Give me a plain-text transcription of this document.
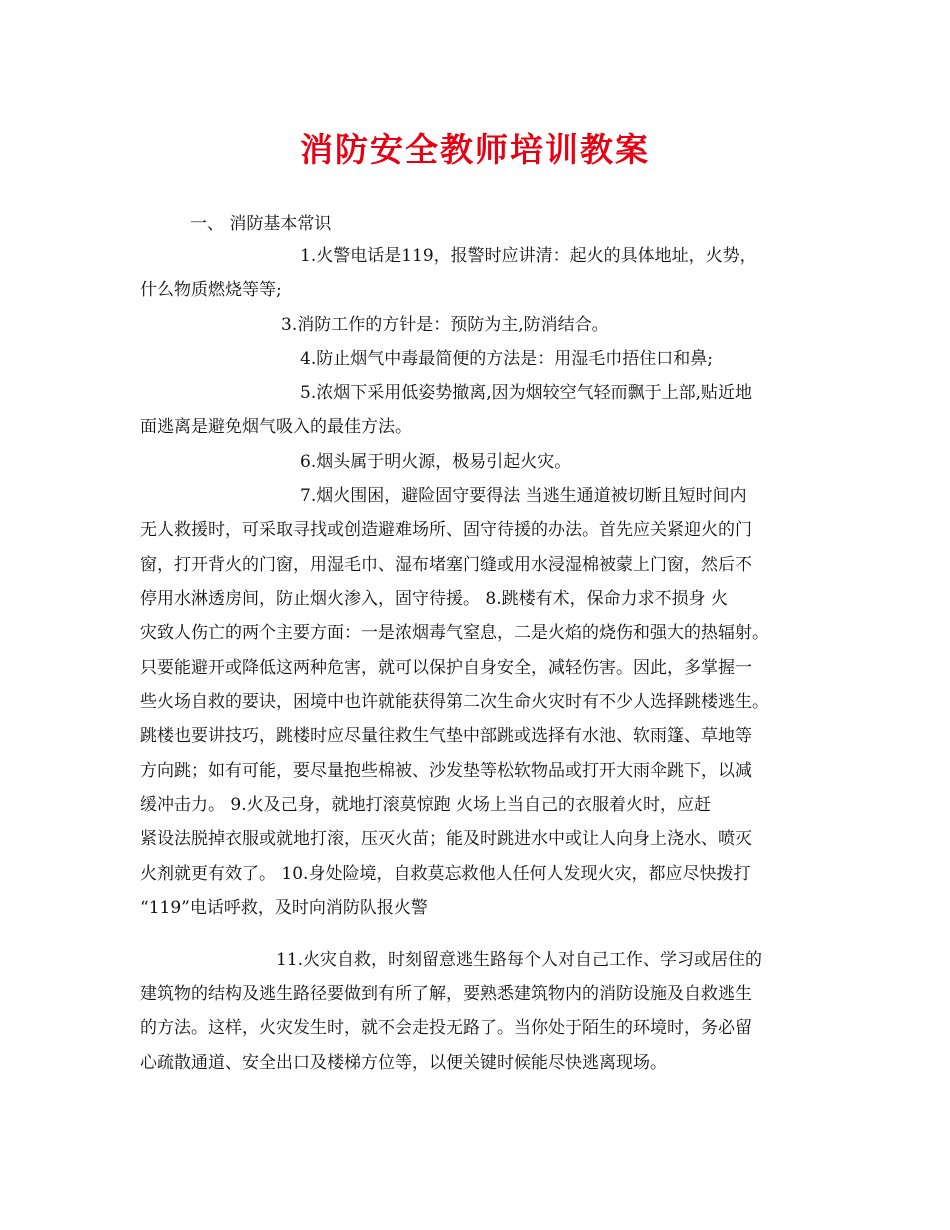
消防安全教师培训教案
一、 消防基本常识
1.火警电话是119，报警时应讲清：起火的具体地址，火势，
什么物质燃烧等等;
3.消防工作的方针是：预防为主,防消结合。
4.防止烟气中毒最简便的方法是：用湿毛巾捂住口和鼻;
5.浓烟下采用低姿势撤离,因为烟较空气轻而飘于上部,贴近地
面逃离是避免烟气吸入的最佳方法。
6.烟头属于明火源，极易引起火灾。
7.烟火围困，避险固守要得法 当逃生通道被切断且短时间内
无人救援时，可采取寻找或创造避难场所、固守待援的办法。首先应关紧迎火的门
窗，打开背火的门窗，用湿毛巾、湿布堵塞门缝或用水浸湿棉被蒙上门窗，然后不
停用水淋透房间，防止烟火渗入，固守待援。 8.跳楼有术，保命力求不损身 火
灾致人伤亡的两个主要方面：一是浓烟毒气窒息，二是火焰的烧伤和强大的热辐射。
只要能避开或降低这两种危害，就可以保护自身安全，减轻伤害。因此，多掌握一
些火场自救的要诀，困境中也许就能获得第二次生命火灾时有不少人选择跳楼逃生。
跳楼也要讲技巧，跳楼时应尽量往救生气垫中部跳或选择有水池、软雨篷、草地等
方向跳；如有可能，要尽量抱些棉被、沙发垫等松软物品或打开大雨伞跳下，以减
缓冲击力。 9.火及己身，就地打滚莫惊跑 火场上当自己的衣服着火时，应赶
紧设法脱掉衣服或就地打滚，压灭火苗；能及时跳进水中或让人向身上浇水、喷灭
火剂就更有效了。 10.身处险境，自救莫忘救他人任何人发现火灾，都应尽快拨打
“119”电话呼救，及时向消防队报火警
11.火灾自救，时刻留意逃生路每个人对自己工作、学习或居住的
建筑物的结构及逃生路径要做到有所了解，要熟悉建筑物内的消防设施及自救逃生
的方法。这样，火灾发生时，就不会走投无路了。当你处于陌生的环境时，务必留
心疏散通道、安全出口及楼梯方位等，以便关键时候能尽快逃离现场。
